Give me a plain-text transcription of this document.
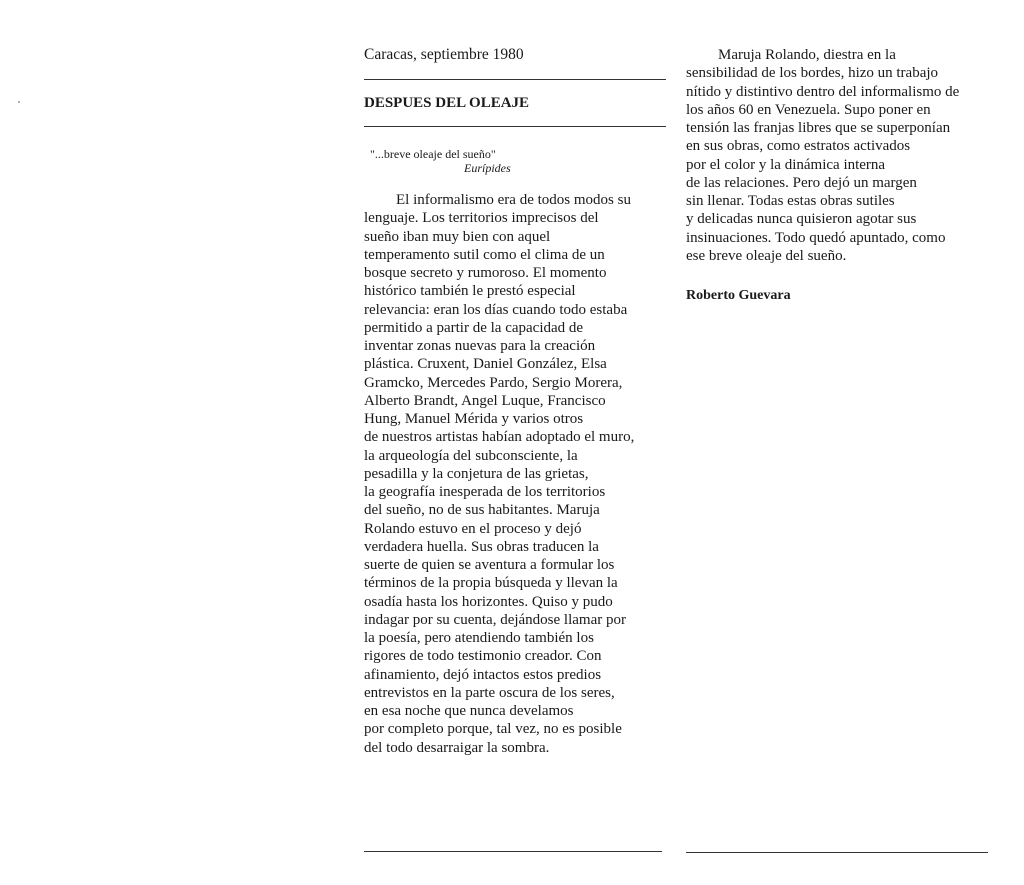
Caracas, septiembre 1980
DESPUES DEL OLEAJE
"...breve oleaje del sueño"
Eurípides
El informalismo era de todos modos su
lenguaje. Los territorios imprecisos del
sueño iban muy bien con aquel
temperamento sutil como el clima de un
bosque secreto y rumoroso. El momento
histórico también le prestó especial
relevancia: eran los días cuando todo estaba
permitido a partir de la capacidad de
inventar zonas nuevas para la creación
plástica. Cruxent, Daniel González, Elsa
Gramcko, Mercedes Pardo, Sergio Morera,
Alberto Brandt, Angel Luque, Francisco
Hung, Manuel Mérida y varios otros
de nuestros artistas habían adoptado el muro,
la arqueología del subconsciente, la
pesadilla y la conjetura de las grietas,
la geografía inesperada de los territorios
del sueño, no de sus habitantes. Maruja
Rolando estuvo en el proceso y dejó
verdadera huella. Sus obras traducen la
suerte de quien se aventura a formular los
términos de la propia búsqueda y llevan la
osadía hasta los horizontes. Quiso y pudo
indagar por su cuenta, dejándose llamar por
la poesía, pero atendiendo también los
rigores de todo testimonio creador. Con
afinamiento, dejó intactos estos predios
entrevistos en la parte oscura de los seres,
en esa noche que nunca develamos
por completo porque, tal vez, no es posible
del todo desarraigar la sombra.
Maruja Rolando, diestra en la
sensibilidad de los bordes, hizo un trabajo
nítido y distintivo dentro del informalismo de
los años 60 en Venezuela. Supo poner en
tensión las franjas libres que se superponían
en sus obras, como estratos activados
por el color y la dinámica interna
de las relaciones. Pero dejó un margen
sin llenar. Todas estas obras sutiles
y delicadas nunca quisieron agotar sus
insinuaciones. Todo quedó apuntado, como
ese breve oleaje del sueño.
Roberto Guevara
